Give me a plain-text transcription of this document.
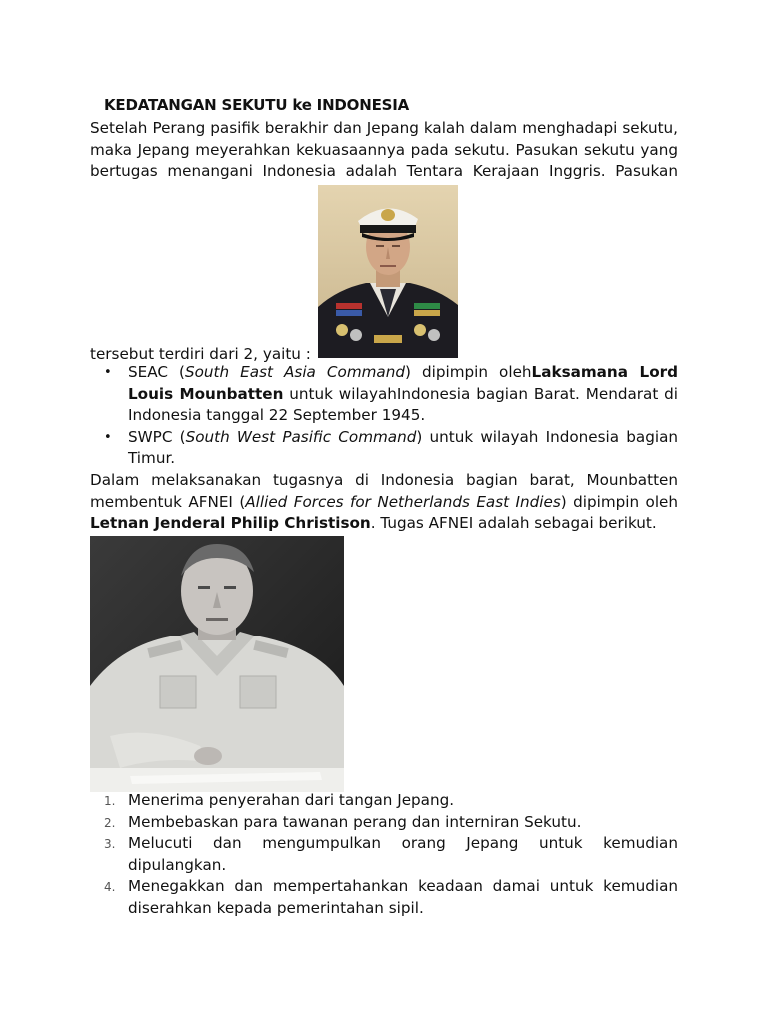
KEDATANGAN SEKUTU ke INDONESIA
Setelah Perang pasifik berakhir dan Jepang kalah dalam menghadapi sekutu,
maka Jepang meyerahkan kekuasaannya pada sekutu. Pasukan sekutu yang
bertugas menangani Indonesia adalah Tentara Kerajaan Inggris. Pasukan
tersebut terdiri dari 2, yaitu :
• SEAC (South East Asia Command) dipimpin olehLaksamana Lord Louis Mounbatten untuk wilayahIndonesia bagian Barat. Mendarat di Indonesia tanggal 22 September 1945.
• SWPC (South West Pasific Command) untuk wilayah Indonesia bagian Timur.
Dalam melaksanakan tugasnya di Indonesia bagian barat, Mounbatten membentuk AFNEI (Allied Forces for Netherlands East Indies) dipimpin oleh Letnan Jenderal Philip Christison. Tugas AFNEI adalah sebagai berikut.
1. Menerima penyerahan dari tangan Jepang.
2. Membebaskan para tawanan perang dan interniran Sekutu.
3. Melucuti dan mengumpulkan orang Jepang untuk kemudian dipulangkan.
4. Menegakkan dan mempertahankan keadaan damai untuk kemudian diserahkan kepada pemerintahan sipil.
